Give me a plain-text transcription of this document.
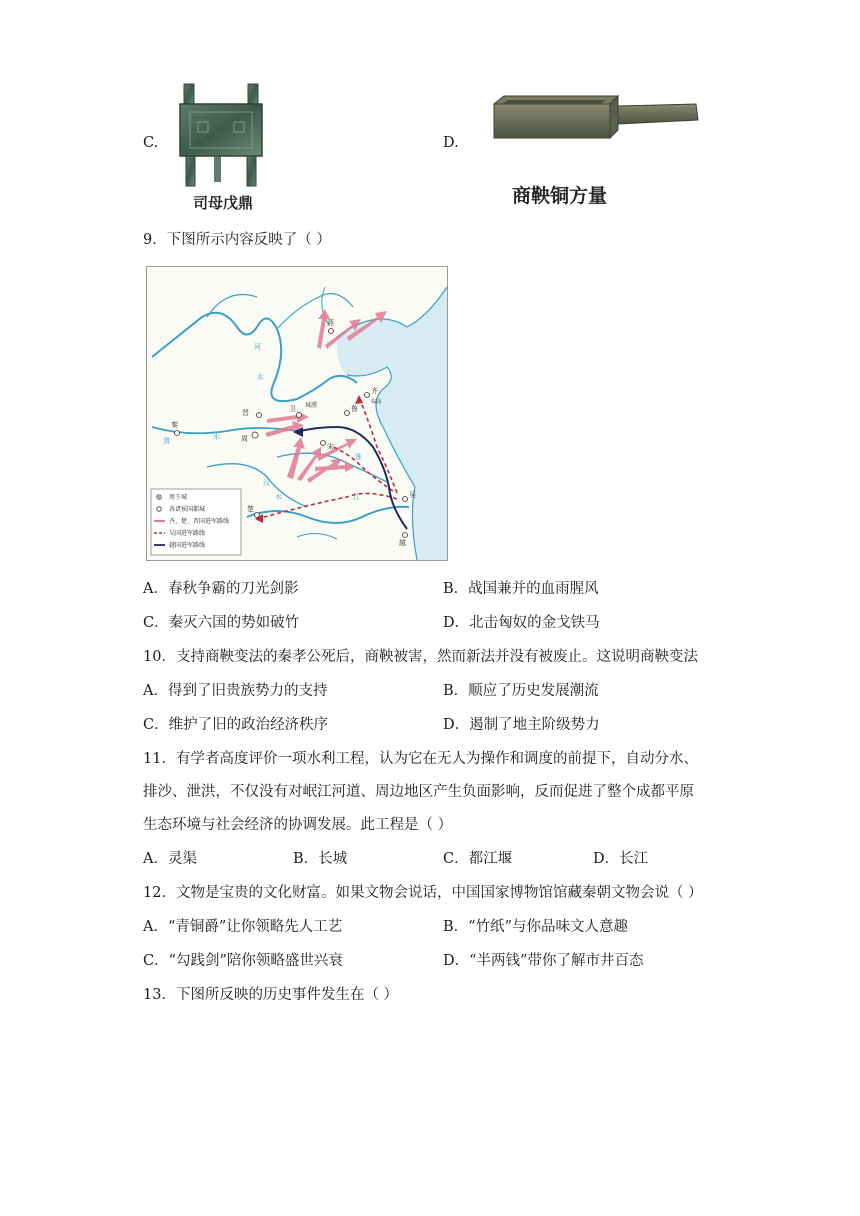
C.
司母戊鼎
D.
商鞅铜方量
9．下图所示内容反映了（ ）
燕
齐
临淄
鲁
卫
晋
周
秦
宋
楚
吴
越
城濮
河
水
渭	水
汉
水
淮
江
周王城
各诸侯国都城
齐、楚、晋国进军路线
吴国进军路线
越国进军路线
A．春秋争霸的刀光剑影	B．战国兼并的血雨腥风
C．秦灭六国的势如破竹	D．北击匈奴的金戈铁马
10．支持商鞅变法的秦孝公死后，商鞅被害，然而新法并没有被废止。这说明商鞅变法
A．得到了旧贵族势力的支持	B．顺应了历史发展潮流
C．维护了旧的政治经济秩序	D．遏制了地主阶级势力
11．有学者高度评价一项水利工程，认为它在无人为操作和调度的前提下，自动分水、
排沙、泄洪，不仅没有对岷江河道、周边地区产生负面影响，反而促进了整个成都平原
生态环境与社会经济的协调发展。此工程是（ ）
A．灵渠	B．长城	C．都江堰	D．长江
12．文物是宝贵的文化财富。如果文物会说话，中国国家博物馆馆藏秦朝文物会说（ ）
A．“青铜爵”让你领略先人工艺	B．“竹纸”与你品味文人意趣
C．“勾践剑”陪你领略盛世兴衰	D．“半两钱”带你了解市井百态
13．下图所反映的历史事件发生在（ ）
